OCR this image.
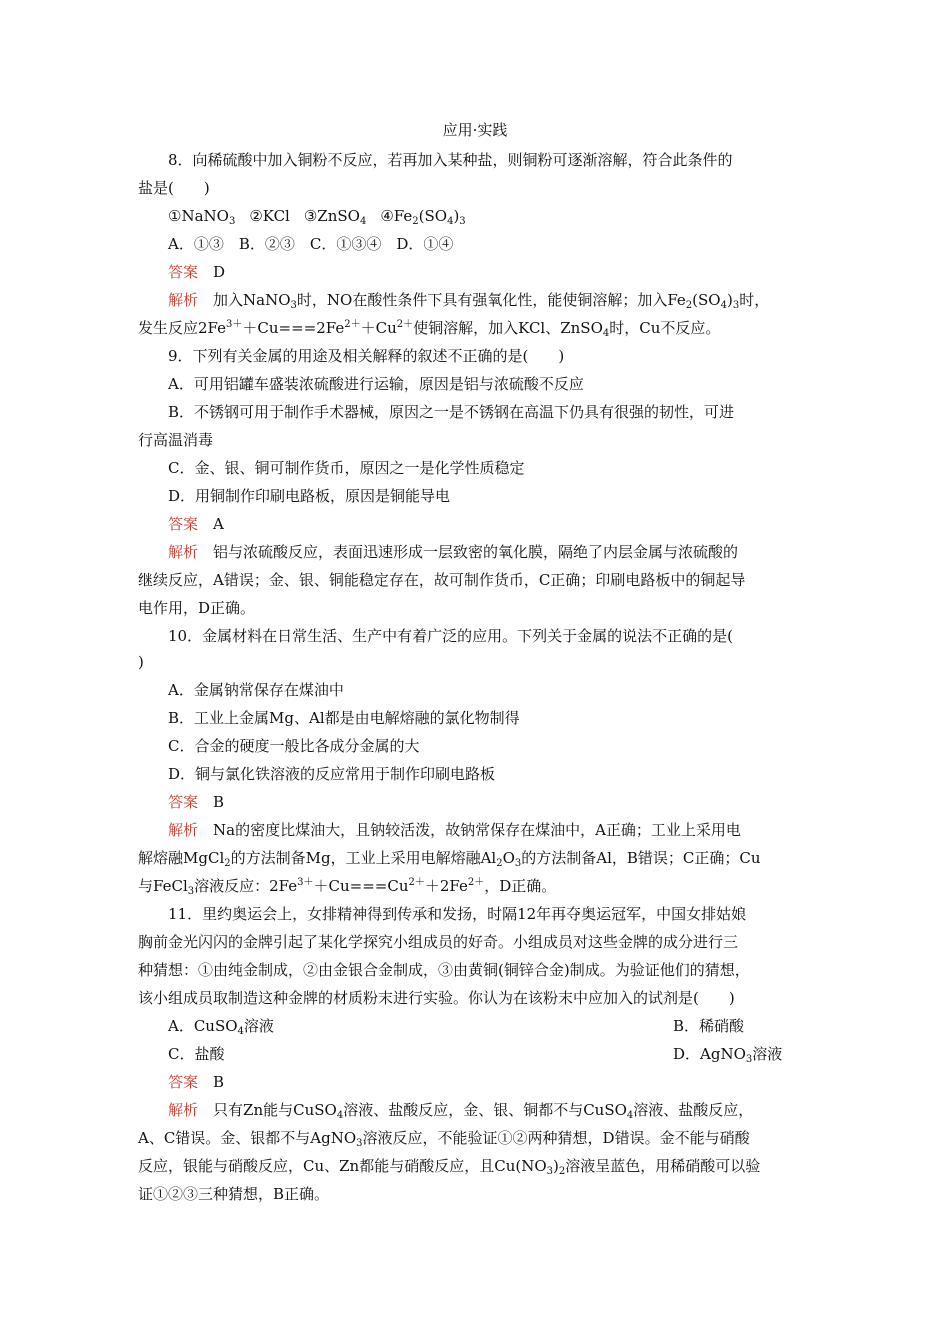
应用·实践
8．向稀硫酸中加入铜粉不反应，若再加入某种盐，则铜粉可逐渐溶解，符合此条件的
盐是(　　)
①NaNO$_3$ ②KCl ③ZnSO$_4$ $④Fe_2(SO_4)_3$
A．①③　B．②③　C．①③④　D．①④
答案　 D
解析　 加入NaNO$_3$时，NO在酸性条件下具有强氧化性，能使铜溶解；加入$Fe_2(SO_4)_3$时，
发生反应$2Fe^{3+}+Cu===2Fe^{2+}+Cu^{2+}$使铜溶解，加入KCl、ZnSO$_4$时，Cu不反应。
9．下列有关金属的用途及相关解释的叙述不正确的是(　　)
A．可用铝罐车盛装浓硫酸进行运输，原因是铝与浓硫酸不反应
B．不锈钢可用于制作手术器械，原因之一是不锈钢在高温下仍具有很强的韧性，可进
行高温消毒
C．金、银、铜可制作货币，原因之一是化学性质稳定
D．用铜制作印刷电路板，原因是铜能导电
答案　 A
解析　 铝与浓硫酸反应，表面迅速形成一层致密的氧化膜，隔绝了内层金属与浓硫酸的
继续反应，A错误；金、银、铜能稳定存在，故可制作货币，C正确；印刷电路板中的铜起导
电作用，D正确。
10．金属材料在日常生活、生产中有着广泛的应用。下列关于金属的说法不正确的是(
)
A．金属钠常保存在煤油中
B．工业上金属Mg、Al都是由电解熔融的氯化物制得
C．合金的硬度一般比各成分金属的大
D．铜与氯化铁溶液的反应常用于制作印刷电路板
答案　 B
解析　 Na的密度比煤油大，且钠较活泼，故钠常保存在煤油中，A正确；工业上采用电
解熔融MgCl$_2$的方法制备Mg，工业上采用电解熔融$Al_2O_3$的方法制备Al，B错误；C正确；Cu
与FeCl$_3$溶液反应：$2Fe^{3+}+Cu===Cu^{2+}+2Fe^{2+}$，D正确。
11．里约奥运会上，女排精神得到传承和发扬，时隔12年再夺奥运冠军，中国女排姑娘
胸前金光闪闪的金牌引起了某化学探究小组成员的好奇。小组成员对这些金牌的成分进行三
种猜想：①由纯金制成，②由金银合金制成，③由黄铜(铜锌合金)制成。为验证他们的猜想，
该小组成员取制造这种金牌的材质粉末进行实验。你认为在该粉末中应加入的试剂是(　　)
A．CuSO$_4$溶液	B．稀硝酸
C．盐酸	D．AgNO$_3$溶液
答案　 B
解析　 只有Zn能与CuSO$_4$溶液、盐酸反应，金、银、铜都不与CuSO$_4$溶液、盐酸反应，
A、C错误。金、银都不与AgNO$_3$溶液反应，不能验证①②两种猜想，D错误。金不能与硝酸
反应，银能与硝酸反应，Cu、Zn都能与硝酸反应，且$Cu(NO_3)_2$溶液呈蓝色，用稀硝酸可以验
证①②③三种猜想，B正确。
